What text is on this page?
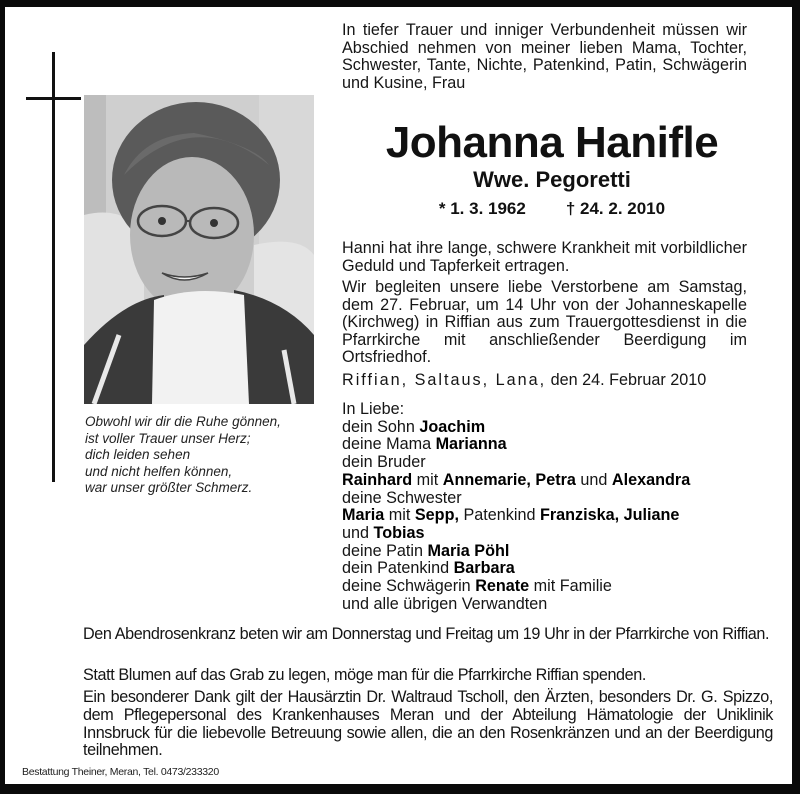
Obwohl wir dir die Ruhe gönnen,
ist voller Trauer unser Herz;
dich leiden sehen
und nicht helfen können,
war unser größter Schmerz.
In tiefer Trauer und inniger Verbundenheit müssen wir Abschied nehmen von meiner lieben Mama, Tochter, Schwester, Tante, Nichte, Patenkind, Patin, Schwägerin und Kusine, Frau
Johanna Hanifle
Wwe. Pegoretti
* 1. 3. 1962 † 24. 2. 2010
Hanni hat ihre lange, schwere Krankheit mit vorbildlicher Geduld und Tapferkeit ertragen.
Wir begleiten unsere liebe Verstorbene am Samstag, dem 27. Februar, um 14 Uhr von der Johanneskapelle (Kirchweg) in Riffian aus zum Trauergottesdienst in die Pfarrkirche mit anschließender Beerdigung im Ortsfriedhof.
Riffian, Saltaus, Lana, den 24. Februar 2010
In Liebe:
dein Sohn Joachim
deine Mama Marianna
dein Bruder
Rainhard mit Annemarie, Petra und Alexandra
deine Schwester
Maria mit Sepp, Patenkind Franziska, Juliane
und Tobias
deine Patin Maria Pöhl
dein Patenkind Barbara
deine Schwägerin Renate mit Familie
und alle übrigen Verwandten
Den Abendrosenkranz beten wir am Donnerstag und Freitag um 19 Uhr in der Pfarrkirche von Riffian.
Statt Blumen auf das Grab zu legen, möge man für die Pfarrkirche Riffian spenden.
Ein besonderer Dank gilt der Hausärztin Dr. Waltraud Tscholl, den Ärzten, besonders Dr. G. Spizzo, dem Pflegepersonal des Krankenhauses Meran und der Abteilung Hämatologie der Uniklinik Innsbruck für die liebevolle Betreuung sowie allen, die an den Rosenkränzen und an der Beerdigung teilnehmen.
Bestattung Theiner, Meran, Tel. 0473/233320
